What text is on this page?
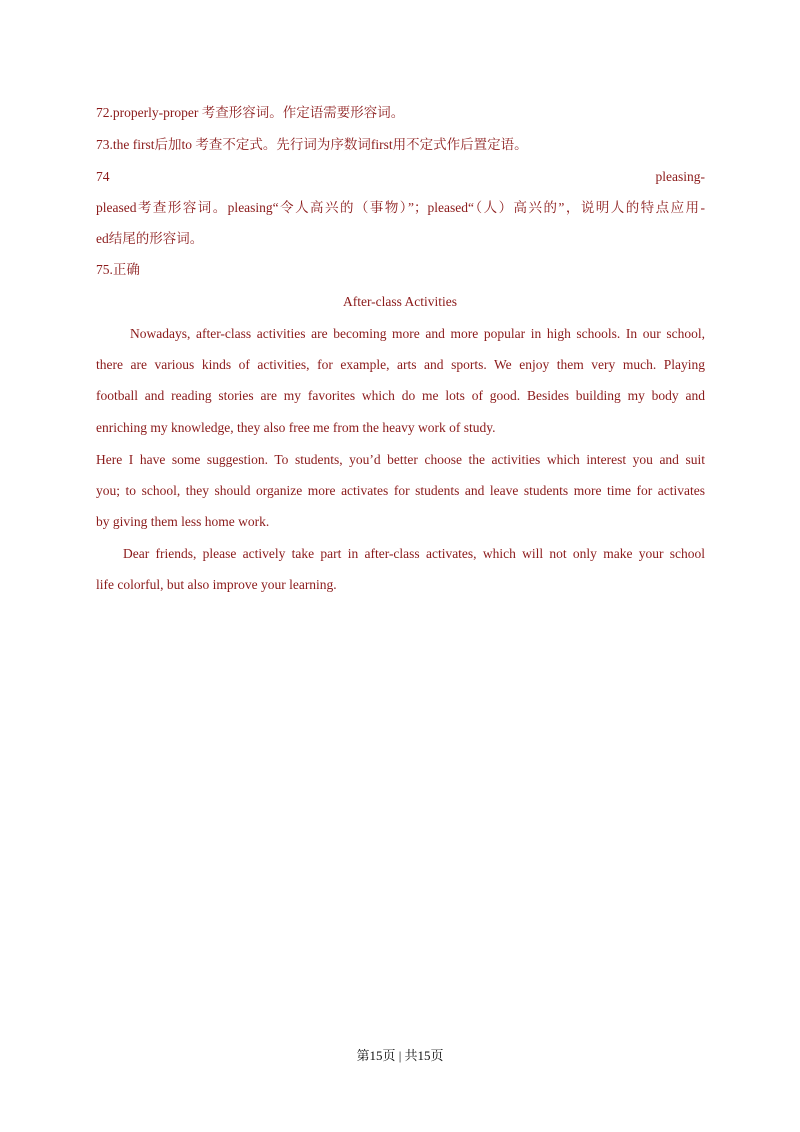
72.properly-proper 考查形容词。作定语需要形容词。
73.the first后加to 考查不定式。先行词为序数词first用不定式作后置定语。
74	pleasing-
pleased考查形容词。pleasing“令人高兴的（事物）”；pleased“（人）高兴的”，说明人的特点应用-
ed结尾的形容词。
75.正确
After-class Activities
Nowadays, after-class activities are becoming more and more popular in high schools. In our school,
there are various kinds of activities, for example, arts and sports. We enjoy them very much. Playing
football and reading stories are my favorites which do me lots of good. Besides building my body and
enriching my knowledge, they also free me from the heavy work of study.
Here I have some suggestion. To students, you’d better choose the activities which interest you and suit
you; to school, they should organize more activates for students and leave students more time for activates
by giving them less home work.
Dear friends, please actively take part in after-class activates, which will not only make your school
life colorful, but also improve your learning.
第15页 | 共15页
